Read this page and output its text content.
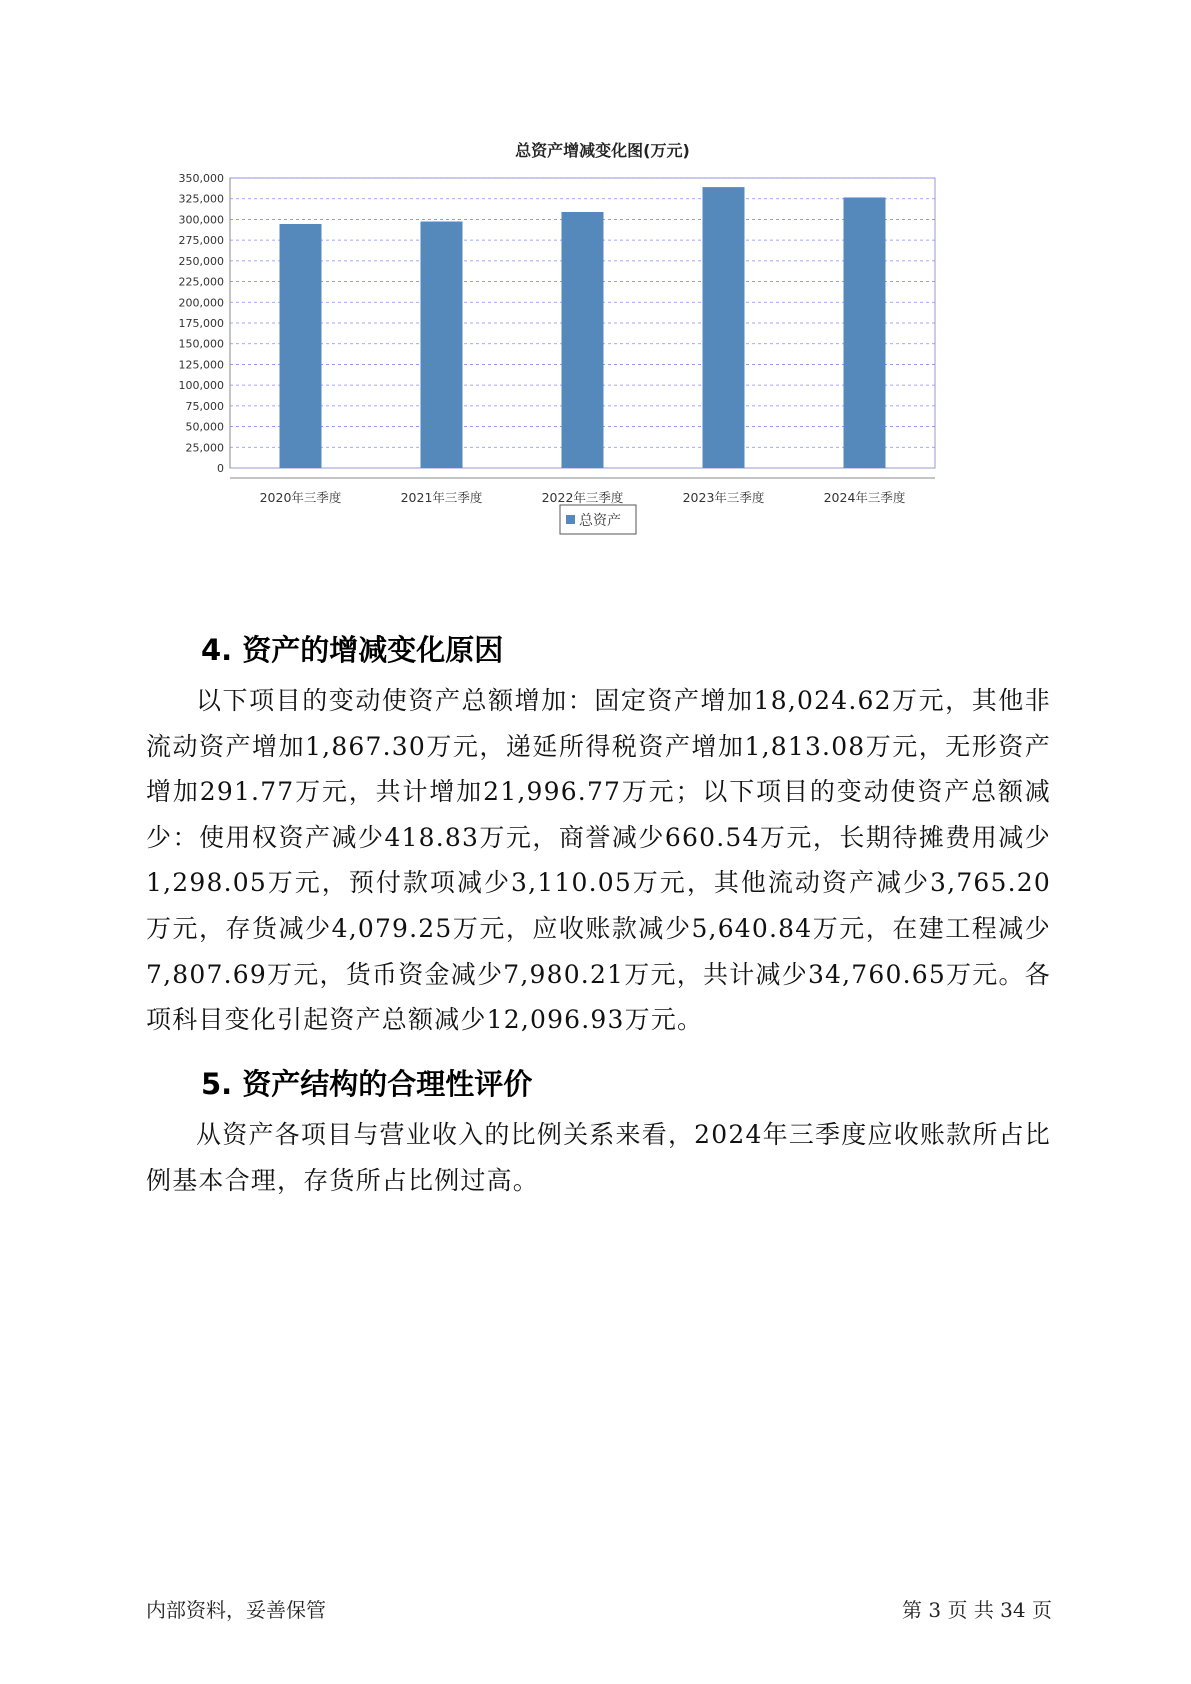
总资产增减变化图(万元)
0
25,000
50,000
75,000
100,000
125,000
150,000
175,000
200,000
225,000
250,000
275,000
300,000
325,000
350,000
2020年三季度	2021年三季度	2022年三季度	2023年三季度	2024年三季度
总资产
4. 资产的增减变化原因

以下项目的变动使资产总额增加：固定资产增加18,024.62万元，其他非流动资产增加1,867.30万元，递延所得税资产增加1,813.08万元，无形资产增加291.77万元，共计增加21,996.77万元；以下项目的变动使资产总额减少：使用权资产减少418.83万元，商誉减少660.54万元，长期待摊费用减少1,298.05万元，预付款项减少3,110.05万元，其他流动资产减少3,765.20万元，存货减少4,079.25万元，应收账款减少5,640.84万元，在建工程减少7,807.69万元，货币资金减少7,980.21万元，共计减少34,760.65万元。各项科目变化引起资产总额减少12,096.93万元。

5. 资产结构的合理性评价

从资产各项目与营业收入的比例关系来看，2024年三季度应收账款所占比例基本合理，存货所占比例过高。

内部资料，妥善保管	第 3 页 共 34 页
